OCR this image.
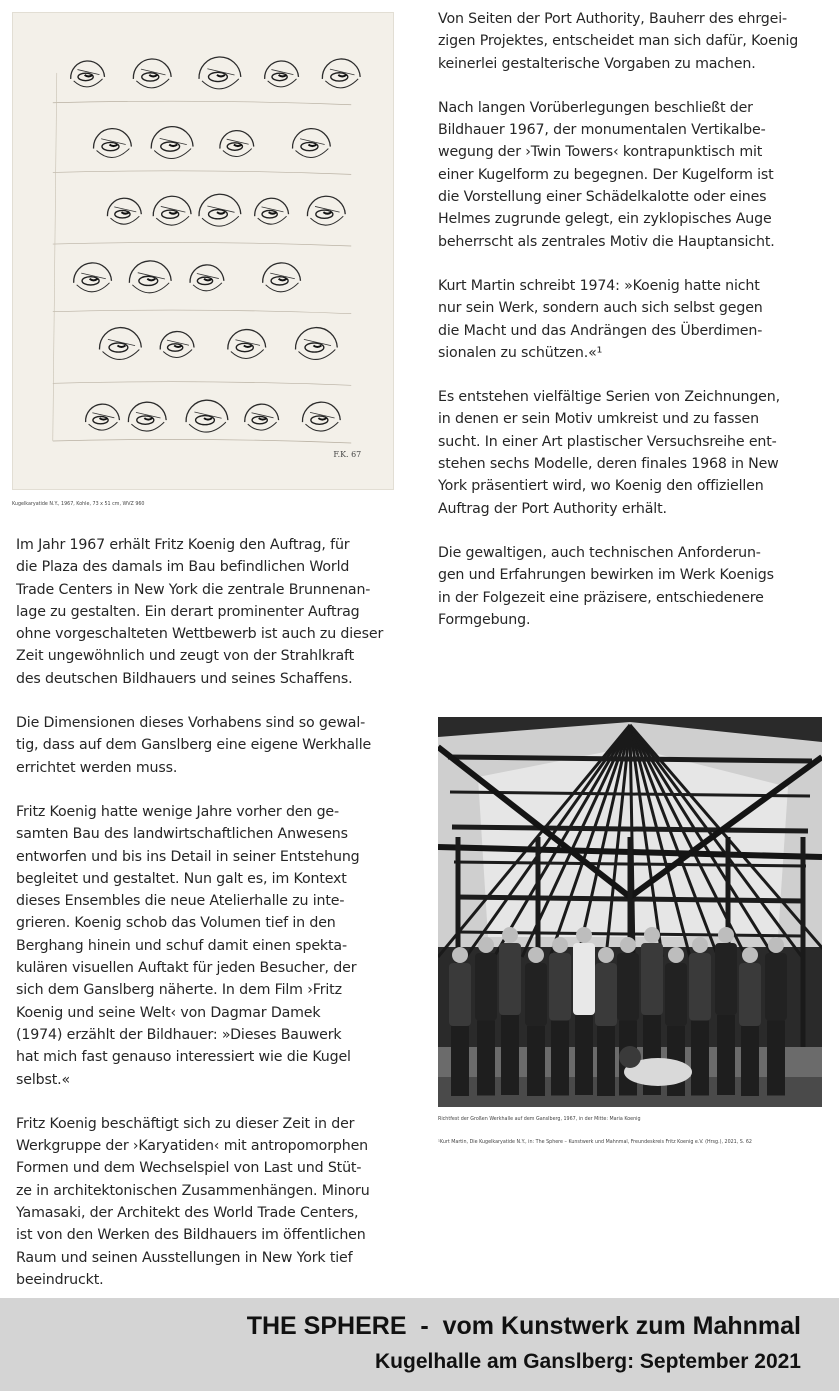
F.K. 67
Kugelkaryatide N.Y., 1967, Kohle, 73 x 51 cm, WVZ 960

Im Jahr 1967 erhält Fritz Koenig den Auftrag, für
die Plaza des damals im Bau befindlichen World
Trade Centers in New York die zentrale Brunnenan-
lage zu gestalten. Ein derart prominenter Auftrag
ohne vorgeschalteten Wettbewerb ist auch zu dieser
Zeit ungewöhnlich und zeugt von der Strahlkraft
des deutschen Bildhauers und seines Schaffens.

Die Dimensionen dieses Vorhabens sind so gewal-
tig, dass auf dem Ganslberg eine eigene Werkhalle
errichtet werden muss.

Fritz Koenig hatte wenige Jahre vorher den ge-
samten Bau des landwirtschaftlichen Anwesens
entworfen und bis ins Detail in seiner Entstehung
begleitet und gestaltet. Nun galt es, im Kontext
dieses Ensembles die neue Atelierhalle zu inte-
grieren. Koenig schob das Volumen tief in den
Berghang hinein und schuf damit einen spekta-
kulären visuellen Auftakt für jeden Besucher, der
sich dem Ganslberg näherte. In dem Film ›Fritz
Koenig und seine Welt‹ von Dagmar Damek
(1974) erzählt der Bildhauer: »Dieses Bauwerk
hat mich fast genauso interessiert wie die Kugel
selbst.«

Fritz Koenig beschäftigt sich zu dieser Zeit in der
Werkgruppe der ›Karyatiden‹ mit antropomorphen
Formen und dem Wechselspiel von Last und Stüt-
ze in architektonischen Zusammenhängen. Minoru
Yamasaki, der Architekt des World Trade Centers,
ist von den Werken des Bildhauers im öffentlichen
Raum und seinen Ausstellungen in New York tief
beeindruckt.

Von Seiten der Port Authority, Bauherr des ehrgei-
zigen Projektes, entscheidet man sich dafür, Koenig
keinerlei gestalterische Vorgaben zu machen.

Nach langen Vorüberlegungen beschließt der
Bildhauer 1967, der monumentalen Vertikalbe-
wegung der ›Twin Towers‹ kontrapunktisch mit
einer Kugelform zu begegnen. Der Kugelform ist
die Vorstellung einer Schädelkalotte oder eines
Helmes zugrunde gelegt, ein zyklopisches Auge
beherrscht als zentrales Motiv die Hauptansicht.

Kurt Martin schreibt 1974: »Koenig hatte nicht
nur sein Werk, sondern auch sich selbst gegen
die Macht und das Andrängen des Überdimen-
sionalen zu schützen.«¹

Es entstehen vielfältige Serien von Zeichnungen,
in denen er sein Motiv umkreist und zu fassen
sucht. In einer Art plastischer Versuchsreihe ent-
stehen sechs Modelle, deren finales 1968 in New
York präsentiert wird, wo Koenig den offiziellen
Auftrag der Port Authority erhält.

Die gewaltigen, auch technischen Anforderun-
gen und Erfahrungen bewirken im Werk Koenigs
in der Folgezeit eine präzisere, entschiedenere
Formgebung.

Richtfest der Großen Werkhalle auf dem Ganslberg, 1967, in der Mitte: Maria Koenig
¹Kurt Martin, Die Kugelkaryatide N.Y., in: The Sphere – Kunstwerk und Mahnmal, Freundeskreis Fritz Koenig e.V. (Hrsg.), 2021, S. 62
THE SPHERE  -  vom Kunstwerk zum Mahnmal
Kugelhalle am Ganslberg: September 2021
